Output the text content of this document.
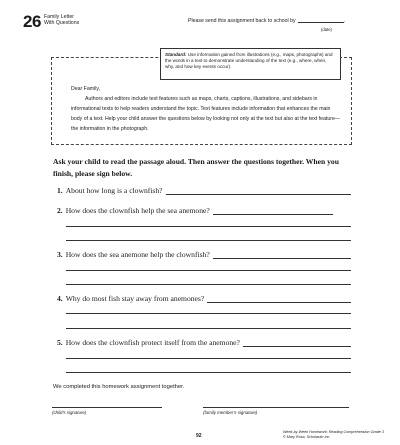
26 Family Letter
With Questions	Please send this assignment back to school by	.
(date)
Standard: Use information gained from illustrations (e.g., maps, photographs) and the words in a text to demonstrate understanding of the text (e.g., where, when, why, and how key events occur).
Dear Family,
Authors and editors include text features such as maps, charts, captions, illustrations, and sidebars in informational texts to help readers understand the topic. Text features include information that enhances the main body of a text. Help your child answer the questions below by looking not only at the text but also at the text feature—the information in the photograph.
Ask your child to read the passage aloud. Then answer the questions together. When you finish, please sign below.
1. About how long is a clownfish?
2. How does the clownfish help the sea anemone?
3. How does the sea anemone help the clownfish?
4. Why do most fish stay away from anemones?
5. How does the clownfish protect itself from the anemone?
We completed this homework assignment together.
(child’s signature)	(family member’s signature)
92
Week-by-Week Homework: Reading Comprehension Grade 3
© Mary Rosa, Scholastic Inc.
